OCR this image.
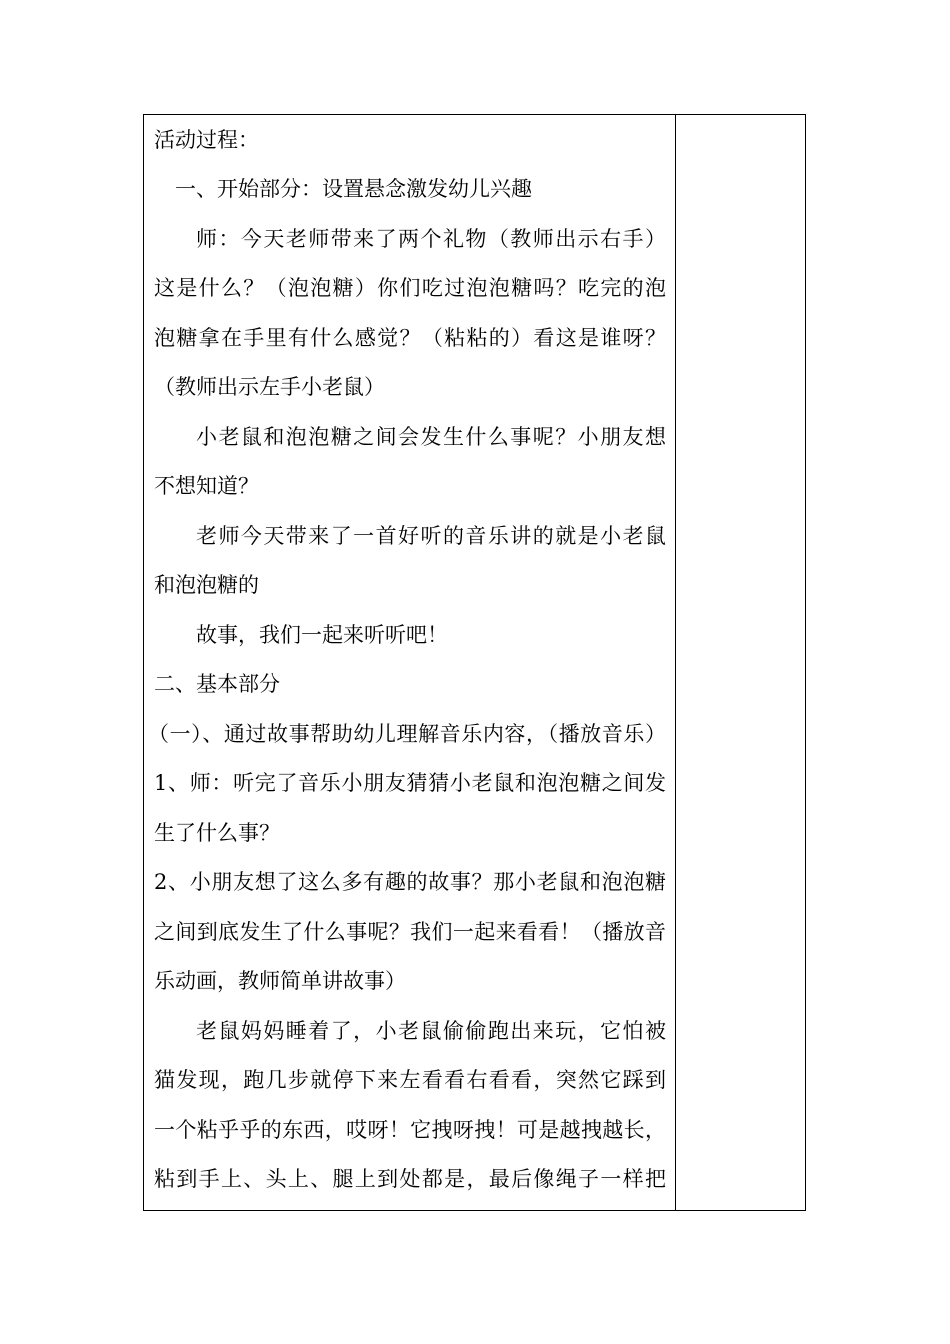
活动过程：
一、开始部分：设置悬念激发幼儿兴趣
师：今天老师带来了两个礼物（教师出示右手）
这是什么？（泡泡糖）你们吃过泡泡糖吗？吃完的泡
泡糖拿在手里有什么感觉？（粘粘的）看这是谁呀？
（教师出示左手小老鼠）
小老鼠和泡泡糖之间会发生什么事呢？小朋友想
不想知道？
老师今天带来了一首好听的音乐讲的就是小老鼠
和泡泡糖的
故事，我们一起来听听吧！
二、基本部分
（一）、通过故事帮助幼儿理解音乐内容，（播放音乐）
1、师：听完了音乐小朋友猜猜小老鼠和泡泡糖之间发
生了什么事？
2、小朋友想了这么多有趣的故事？那小老鼠和泡泡糖
之间到底发生了什么事呢？我们一起来看看！（播放音
乐动画，教师简单讲故事）
老鼠妈妈睡着了，小老鼠偷偷跑出来玩，它怕被
猫发现，跑几步就停下来左看看右看看，突然它踩到
一个粘乎乎的东西，哎呀！它拽呀拽！可是越拽越长，
粘到手上、头上、腿上到处都是，最后像绳子一样把
